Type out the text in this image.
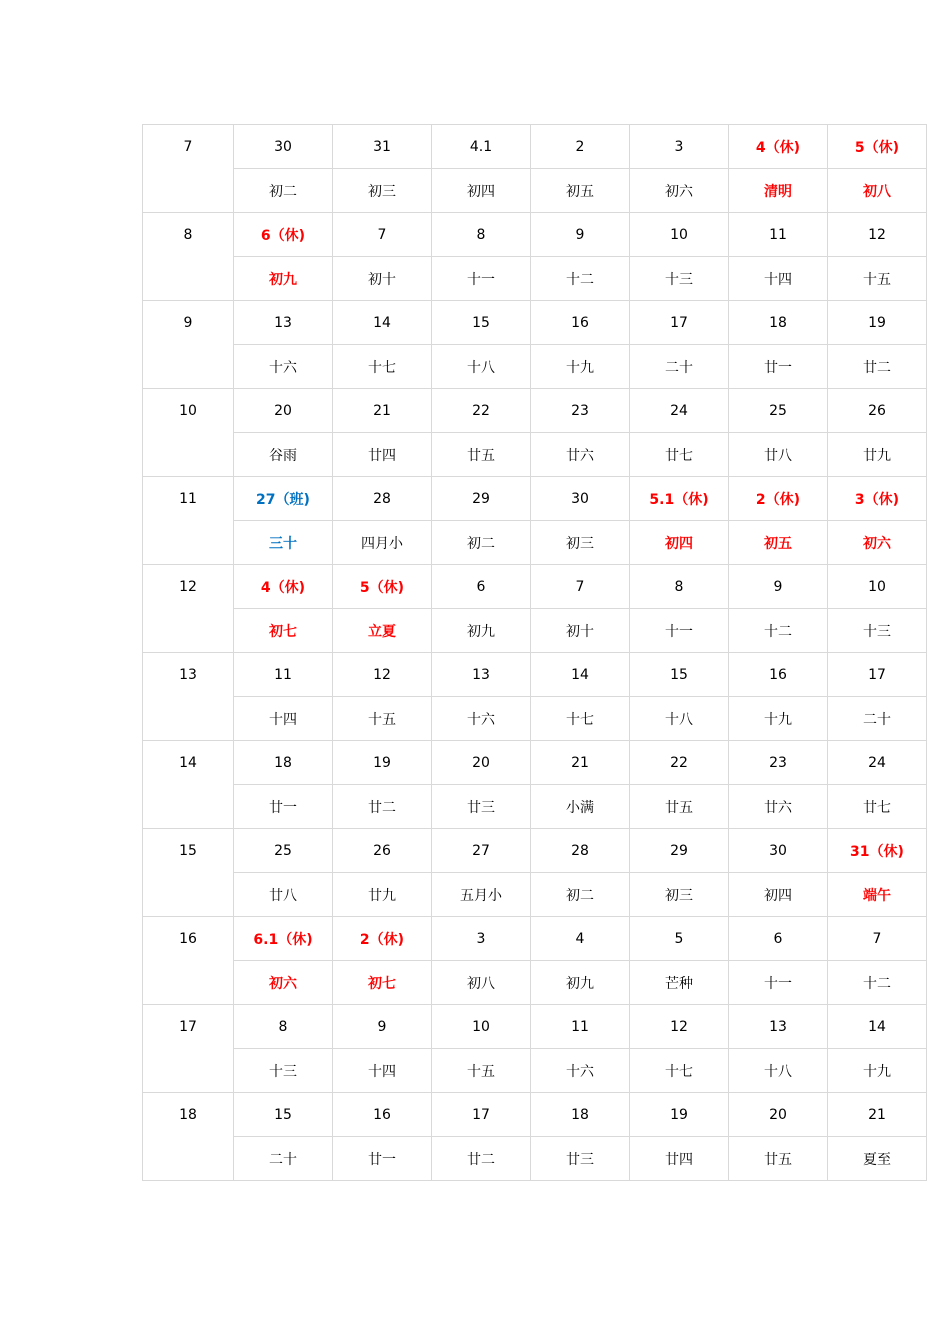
7	30	31	4.1	2	3	4（休)	5（休)
	初二	初三	初四	初五	初六	清明	初八
8	6（休)	7	8	9	10	11	12
	初九	初十	十一	十二	十三	十四	十五
9	13	14	15	16	17	18	19
	十六	十七	十八	十九	二十	廿一	廿二
10	20	21	22	23	24	25	26
	谷雨	廿四	廿五	廿六	廿七	廿八	廿九
11	27（班)	28	29	30	5.1（休)	2（休)	3（休)
	三十	四月小	初二	初三	初四	初五	初六
12	4（休)	5（休)	6	7	8	9	10
	初七	立夏	初九	初十	十一	十二	十三
13	11	12	13	14	15	16	17
	十四	十五	十六	十七	十八	十九	二十
14	18	19	20	21	22	23	24
	廿一	廿二	廿三	小满	廿五	廿六	廿七
15	25	26	27	28	29	30	31（休)
	廿八	廿九	五月小	初二	初三	初四	端午
16	6.1（休)	2（休)	3	4	5	6	7
	初六	初七	初八	初九	芒种	十一	十二
17	8	9	10	11	12	13	14
	十三	十四	十五	十六	十七	十八	十九
18	15	16	17	18	19	20	21
	二十	廿一	廿二	廿三	廿四	廿五	夏至
